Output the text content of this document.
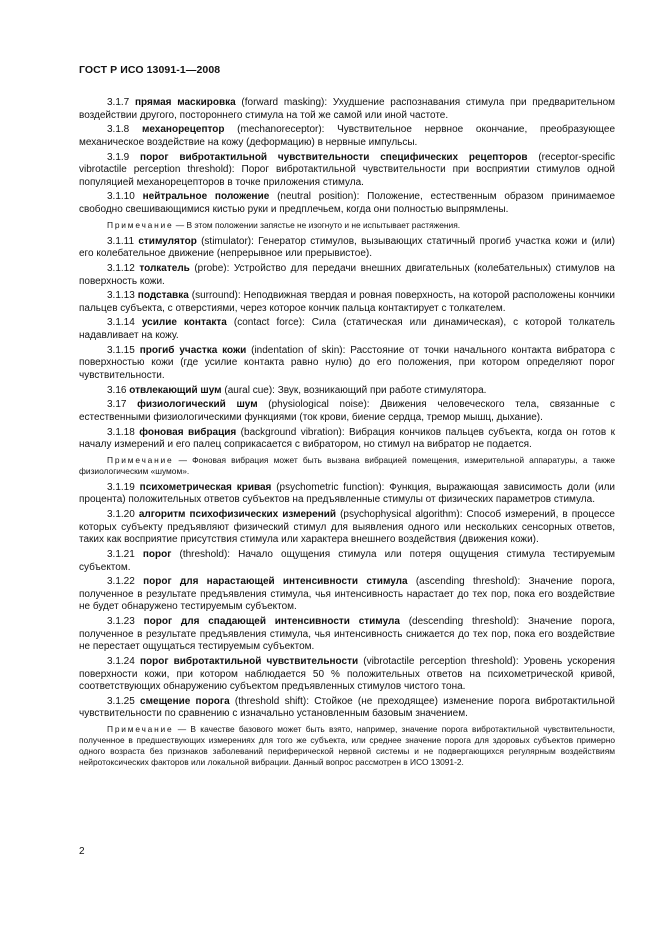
ГОСТ Р ИСО 13091-1—2008

3.1.7 прямая маскировка (forward masking): Ухудшение распознавания стимула при предварительном воздействии другого, постороннего стимула на той же самой или иной частоте.

3.1.8 механорецептор (mechanoreceptor): Чувствительное нервное окончание, преобразующее механическое воздействие на кожу (деформацию) в нервные импульсы.

3.1.9 порог вибротактильной чувствительности специфических рецепторов (receptor-specific vibrotactile perception threshold): Порог вибротактильной чувствительности при восприятии стимулов одной популяцией механорецепторов в точке приложения стимула.

3.1.10 нейтральное положение (neutral position): Положение, естественным образом принимаемое свободно свешивающимися кистью руки и предплечьем, когда они полностью выпрямлены.

Примечание — В этом положении запястье не изогнуто и не испытывает растяжения.

3.1.11 стимулятор (stimulator): Генератор стимулов, вызывающих статичный прогиб участка кожи и (или) его колебательное движение (непрерывное или прерывистое).

3.1.12 толкатель (probe): Устройство для передачи внешних двигательных (колебательных) стимулов на поверхность кожи.

3.1.13 подставка (surround): Неподвижная твердая и ровная поверхность, на которой расположены кончики пальцев субъекта, с отверстиями, через которое кончик пальца контактирует с толкателем.

3.1.14 усилие контакта (contact force): Сила (статическая или динамическая), с которой толкатель надавливает на кожу.

3.1.15 прогиб участка кожи (indentation of skin): Расстояние от точки начального контакта вибратора с поверхностью кожи (где усилие контакта равно нулю) до его положения, при котором определяют порог чувствительности.

3.16 отвлекающий шум (aural cue): Звук, возникающий при работе стимулятора.

3.17 физиологический шум (physiological noise): Движения человеческого тела, связанные с естественными физиологическими функциями (ток крови, биение сердца, тремор мышц, дыхание).

3.1.18 фоновая вибрация (background vibration): Вибрация кончиков пальцев субъекта, когда он готов к началу измерений и его палец соприкасается с вибратором, но стимул на вибратор не подается.

Примечание — Фоновая вибрация может быть вызвана вибрацией помещения, измерительной аппаратуры, а также физиологическим «шумом».

3.1.19 психометрическая кривая (psychometric function): Функция, выражающая зависимость доли (или процента) положительных ответов субъектов на предъявленные стимулы от физических параметров стимула.

3.1.20 алгоритм психофизических измерений (psychophysical algorithm): Способ измерений, в процессе которых субъекту предъявляют физический стимул для выявления одного или нескольких сенсорных ответов, таких как восприятие присутствия стимула или характера внешнего воздействия (движения кожи).

3.1.21 порог (threshold): Начало ощущения стимула или потеря ощущения стимула тестируемым субъектом.

3.1.22 порог для нарастающей интенсивности стимула (ascending threshold): Значение порога, полученное в результате предъявления стимула, чья интенсивность нарастает до тех пор, пока его воздействие не будет обнаружено тестируемым субъектом.

3.1.23 порог для спадающей интенсивности стимула (descending threshold): Значение порога, полученное в результате предъявления стимула, чья интенсивность снижается до тех пор, пока его воздействие не перестает ощущаться тестируемым субъектом.

3.1.24 порог вибротактильной чувствительности (vibrotactile perception threshold): Уровень ускорения поверхности кожи, при котором наблюдается 50 % положительных ответов на психометрической кривой, соответствующих обнаружению субъектом предъявленных стимулов чистого тона.

3.1.25 смещение порога (threshold shift): Стойкое (не преходящее) изменение порога вибротактильной чувствительности по сравнению с изначально установленным базовым значением.

Примечание — В качестве базового может быть взято, например, значение порога вибротактильной чувствительности, полученное в предшествующих измерениях для того же субъекта, или среднее значение порога для здоровых субъектов примерно одного возраста без признаков заболеваний периферической нервной системы и не подвергающихся регулярным воздействиям нейротоксических факторов или локальной вибрации. Данный вопрос рассмотрен в ИСО 13091-2.

2
